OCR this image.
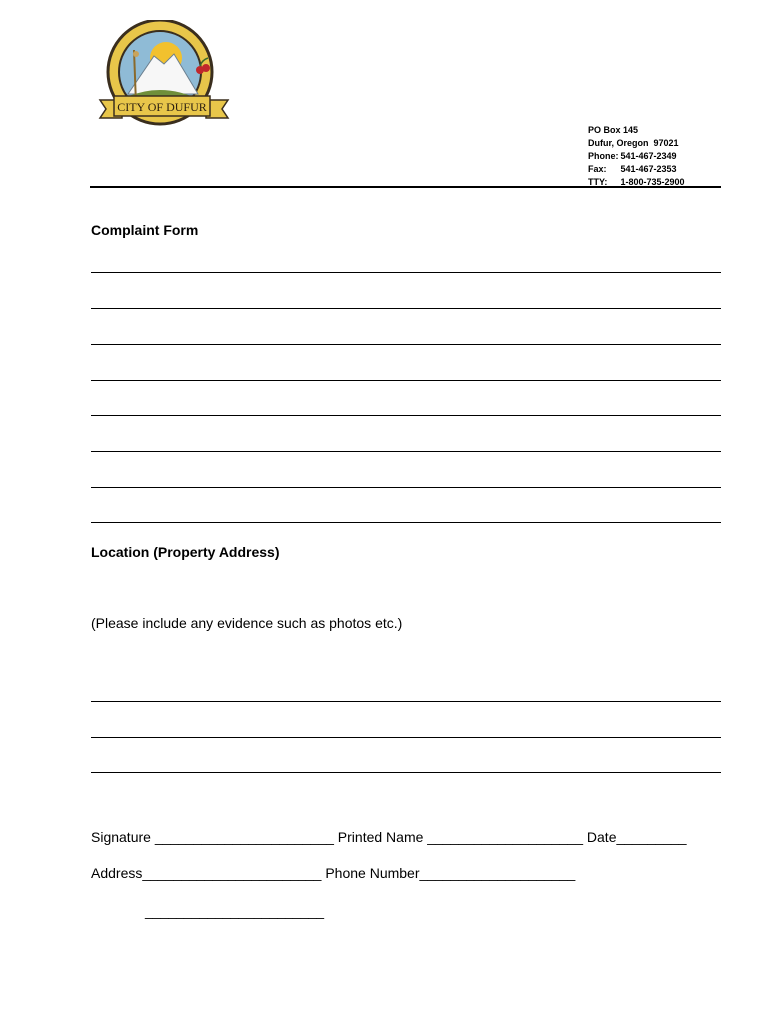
CITY OF DUFUR
PO Box 145
Dufur, Oregon  97021
Phone: 541-467-2349
Fax: 541-467-2353
TTY: 1-800-735-2900
Complaint Form
Location (Property Address)
(Please include any evidence such as photos etc.)
Signature _______________________ Printed Name ____________________ Date_________
Address_______________________ Phone Number____________________
_______________________
